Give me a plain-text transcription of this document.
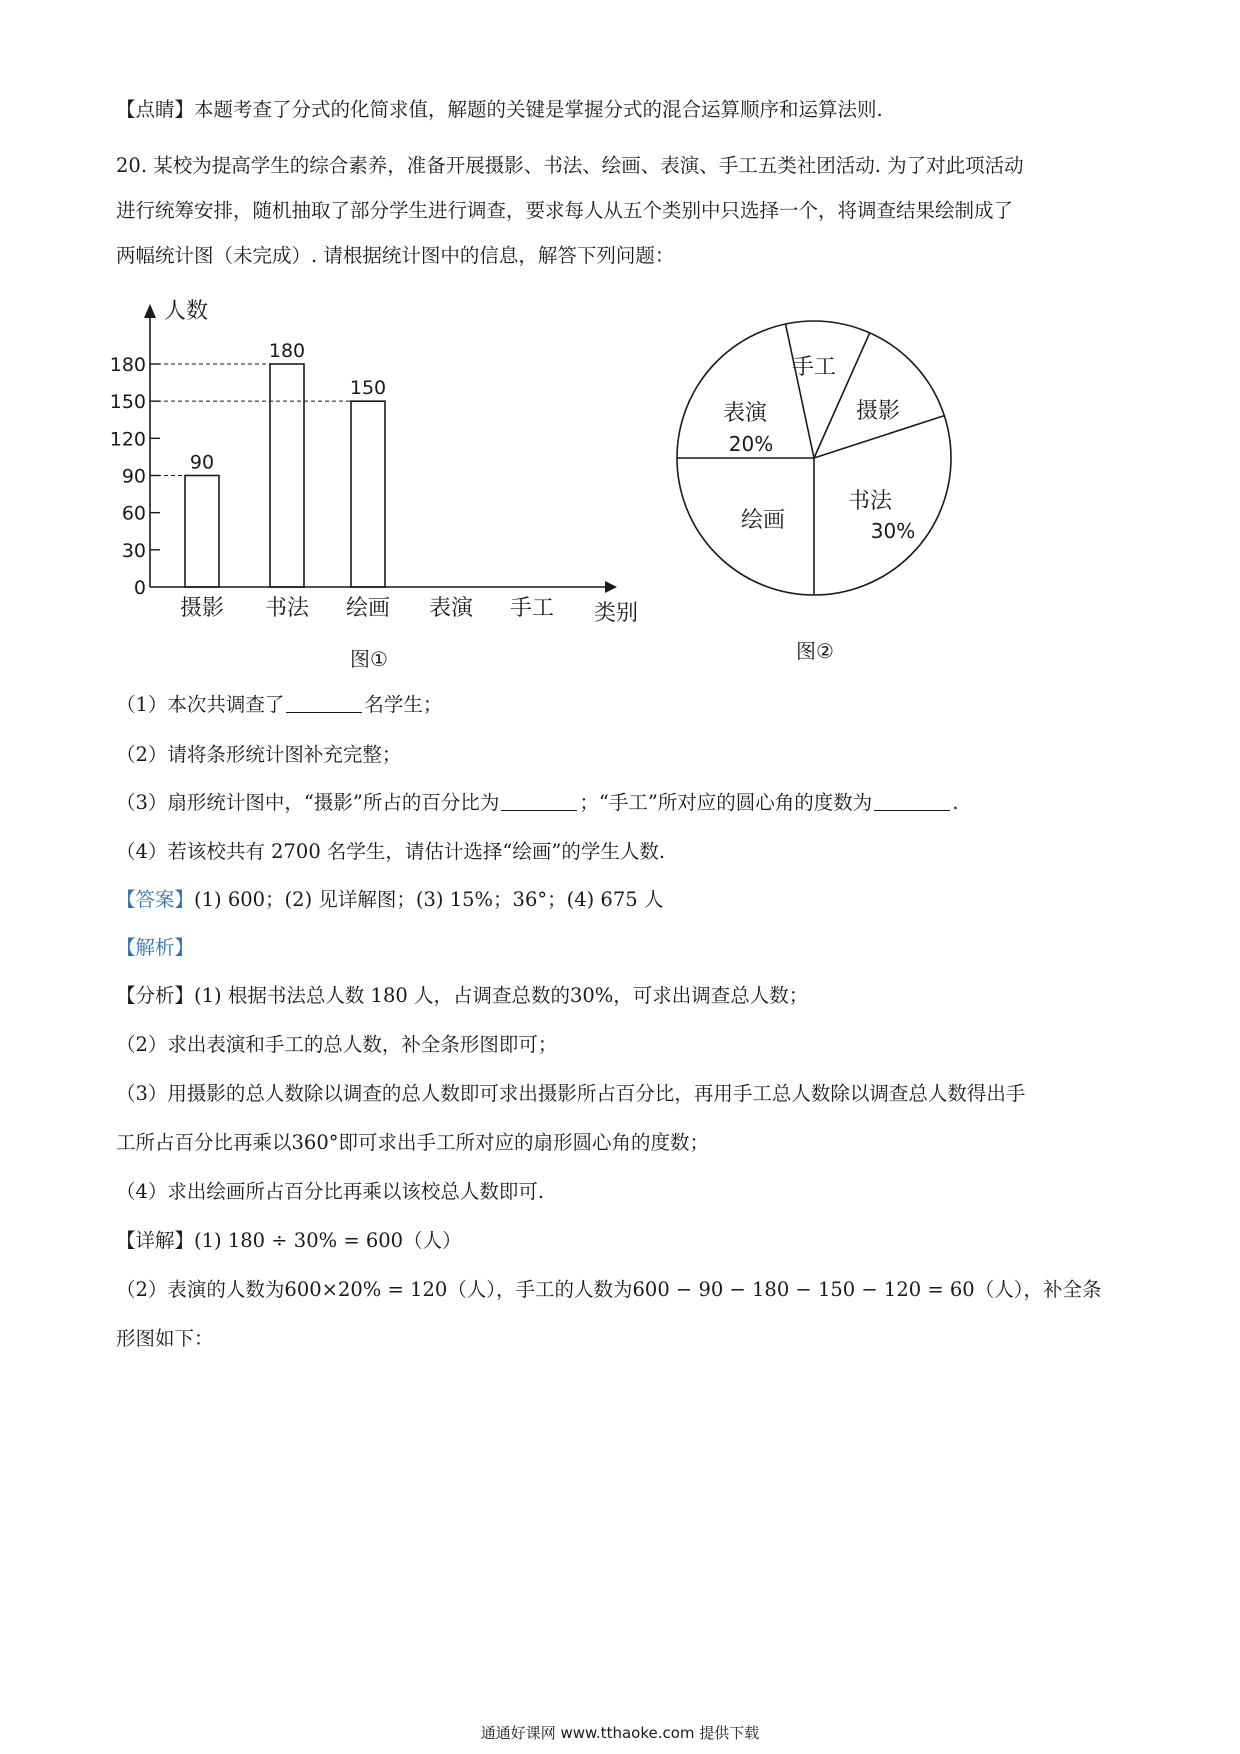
【点睛】本题考查了分式的化简求值，解题的关键是掌握分式的混合运算顺序和运算法则.
20. 某校为提高学生的综合素养，准备开展摄影、书法、绘画、表演、手工五类社团活动. 为了对此项活动
进行统筹安排，随机抽取了部分学生进行调查，要求每人从五个类别中只选择一个，将调查结果绘制成了
两幅统计图（未完成）. 请根据统计图中的信息，解答下列问题：
人数
类别
0
30
60
90
120
150
180
摄影
90
书法
180
绘画
150
表演 手工
图①
手工
摄影
书法
30%
绘画
表演
20%
图②
（1）本次共调查了	名学生；
（2）请将条形统计图补充完整；
（3）扇形统计图中，“摄影”所占的百分比为	；“手工”所对应的圆心角的度数为	.
（4）若该校共有 2700 名学生，请估计选择“绘画”的学生人数.
【答案】(1) 600；(2) 见详解图；(3) 15%；36°；(4) 675 人
【解析】
【分析】(1) 根据书法总人数 180 人，占调查总数的30%，可求出调查总人数；
（2）求出表演和手工的总人数，补全条形图即可；
（3）用摄影的总人数除以调查的总人数即可求出摄影所占百分比，再用手工总人数除以调查总人数得出手
工所占百分比再乘以360°即可求出手工所对应的扇形圆心角的度数；
（4）求出绘画所占百分比再乘以该校总人数即可.
【详解】(1) 180 ÷ 30% = 600（人）
（2）表演的人数为600×20% = 120（人），手工的人数为600 − 90 − 180 − 150 − 120 = 60（人），补全条
形图如下：
通通好课网 www.tthaoke.com 提供下载
